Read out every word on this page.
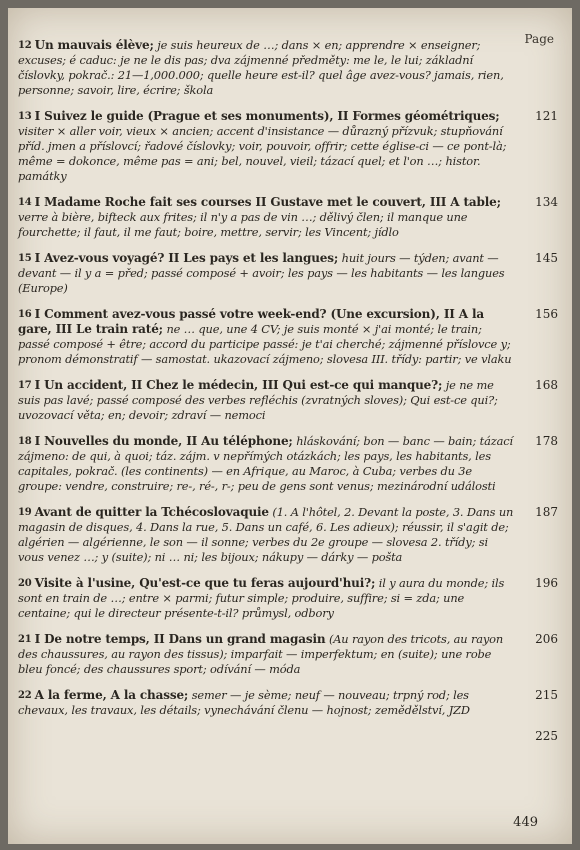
Page
12 Un mauvais élève; je suis heureux de …; dans × en; apprendre × enseigner; excuses; é caduc: je ne le dis pas; dva zájmenné předměty: me le, le lui; základní číslovky, pokrač.: 21—1,000.000; quelle heure est-il? quel âge avez-vous? jamais, rien, personne; savoir, lire, écrire; škola
13 I Suivez le guide (Prague et ses monuments), II Formes géométriques; visiter × aller voir, vieux × ancien; accent d'insistance — důrazný přízvuk; stupňování příd. jmen a příslovcí; řadové číslovky; voir, pouvoir, offrir; cette église-ci — ce pont-là; même = dokonce, même pas = ani; bel, nouvel, vieil; tázací quel; et l'on …; histor. památky
121
14 I Madame Roche fait ses courses II Gustave met le couvert, III A table; verre à bière, bifteck aux frites; il n'y a pas de vin …; dělivý člen; il manque une fourchette; il faut, il me faut; boire, mettre, servir; les Vincent; jídlo
134
15 I Avez-vous voyagé? II Les pays et les langues; huit jours — týden; avant — devant — il y a = před; passé composé + avoir; les pays — les habitants — les langues (Europe)
145
16 I Comment avez-vous passé votre week-end? (Une excursion), II A la gare, III Le train raté; ne … que, une 4 CV; je suis monté × j'ai monté; le train; passé composé + être; accord du participe passé: je t'ai cherché; zájmenné příslovce y; pronom démonstratif — samostat. ukazovací zájmeno; slovesa III. třídy: partir; ve vlaku
156
17 I Un accident, II Chez le médecin, III Qui est-ce qui manque?; je ne me suis pas lavé; passé composé des verbes refléchis (zvratných sloves); Qui est-ce qui?; uvozovací věta; en; devoir; zdraví — nemoci
168
18 I Nouvelles du monde, II Au téléphone; hláskování; bon — banc — bain; tázací zájmeno: de qui, à quoi; táz. zájm. v nepřímých otázkách; les pays, les habitants, les capitales, pokrač. (les continents) — en Afrique, au Maroc, à Cuba; verbes du 3e groupe: vendre, construire; re-, ré-, r-; peu de gens sont venus; mezinárodní události
178
19 Avant de quitter la Tchécoslovaquie (1. A l'hôtel, 2. Devant la poste, 3. Dans un magasin de disques, 4. Dans la rue, 5. Dans un café, 6. Les adieux); réussir, il s'agit de; algérien — algérienne, le son — il sonne; verbes du 2e groupe — slovesa 2. třídy; si vous venez …; y (suite); ni … ni; les bijoux; nákupy — dárky — pošta
187
20 Visite à l'usine, Qu'est-ce que tu feras aujourd'hui?; il y aura du monde; ils sont en train de …; entre × parmi; futur simple; produire, suffire; si = zda; une centaine; qui le directeur présente-t-il? průmysl, odbory
196
21 I De notre temps, II Dans un grand magasin (Au rayon des tricots, au rayon des chaussures, au rayon des tissus); imparfait — imperfektum; en (suite); une robe bleu foncé; des chaussures sport; odívání — móda
206
22 A la ferme, A la chasse; semer — je sème; neuf — nouveau; trpný rod; les chevaux, les travaux, les détails; vynechávání členu — hojnost; zemědělství, JZD
215
225
449
